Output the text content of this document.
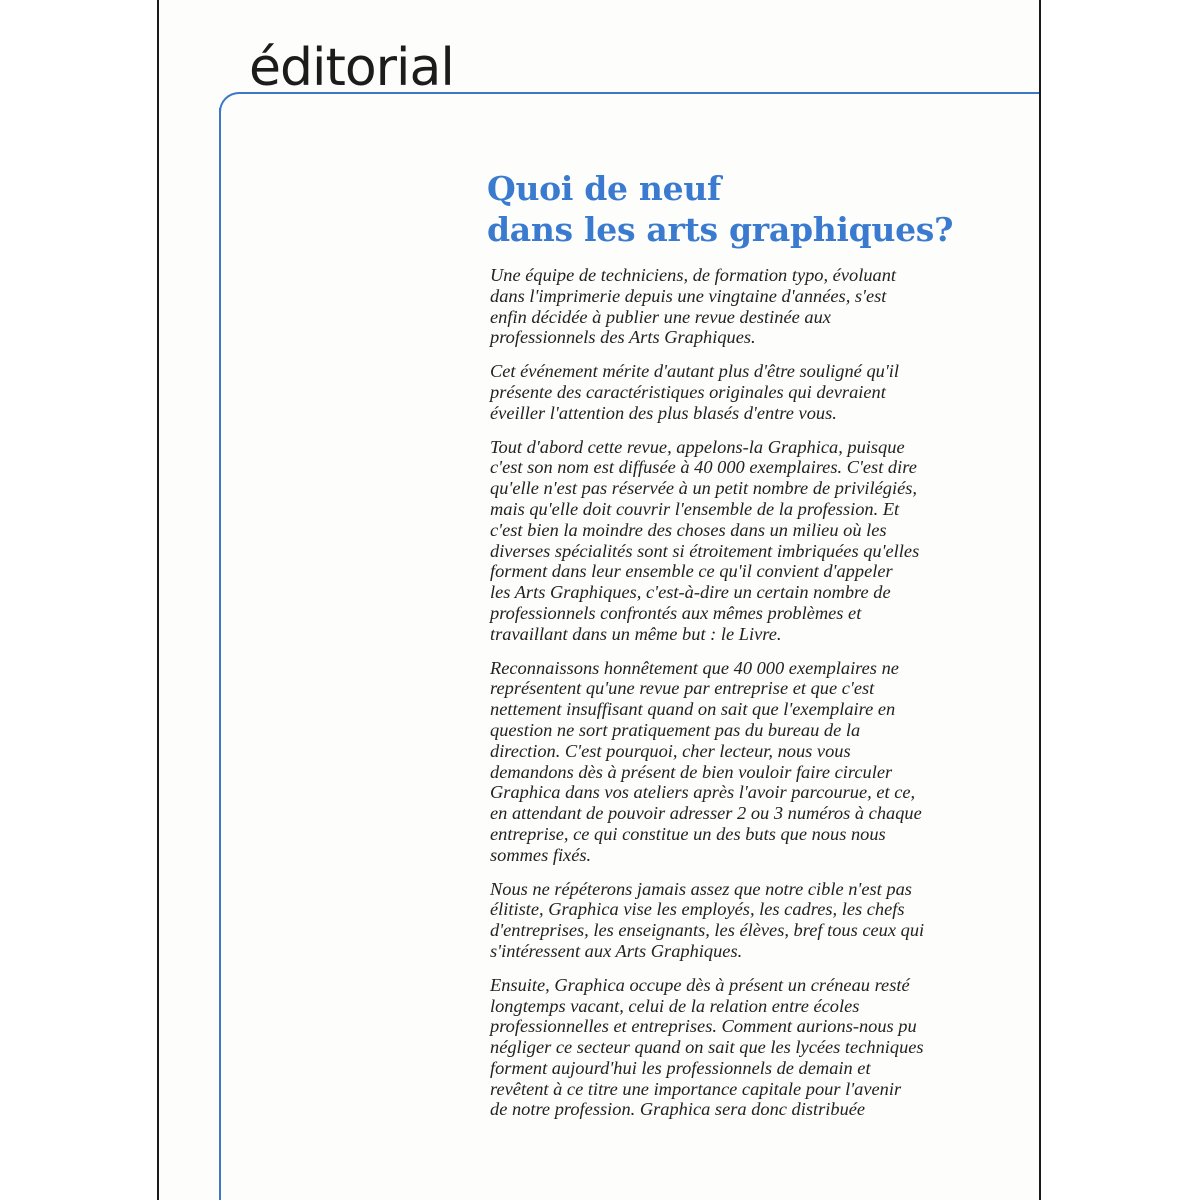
éditorial
Quoi de neuf
dans les arts graphiques?

Une équipe de techniciens, de formation typo, évoluant
dans l'imprimerie depuis une vingtaine d'années, s'est
enfin décidée à publier une revue destinée aux
professionnels des Arts Graphiques.

Cet événement mérite d'autant plus d'être souligné qu'il
présente des caractéristiques originales qui devraient
éveiller l'attention des plus blasés d'entre vous.

Tout d'abord cette revue, appelons-la Graphica, puisque
c'est son nom est diffusée à 40 000 exemplaires. C'est dire
qu'elle n'est pas réservée à un petit nombre de privilégiés,
mais qu'elle doit couvrir l'ensemble de la profession. Et
c'est bien la moindre des choses dans un milieu où les
diverses spécialités sont si étroitement imbriquées qu'elles
forment dans leur ensemble ce qu'il convient d'appeler
les Arts Graphiques, c'est-à-dire un certain nombre de
professionnels confrontés aux mêmes problèmes et
travaillant dans un même but : le Livre.

Reconnaissons honnêtement que 40 000 exemplaires ne
représentent qu'une revue par entreprise et que c'est
nettement insuffisant quand on sait que l'exemplaire en
question ne sort pratiquement pas du bureau de la
direction. C'est pourquoi, cher lecteur, nous vous
demandons dès à présent de bien vouloir faire circuler
Graphica dans vos ateliers après l'avoir parcourue, et ce,
en attendant de pouvoir adresser 2 ou 3 numéros à chaque
entreprise, ce qui constitue un des buts que nous nous
sommes fixés.

Nous ne répéterons jamais assez que notre cible n'est pas
élitiste, Graphica vise les employés, les cadres, les chefs
d'entreprises, les enseignants, les élèves, bref tous ceux qui
s'intéressent aux Arts Graphiques.

Ensuite, Graphica occupe dès à présent un créneau resté
longtemps vacant, celui de la relation entre écoles
professionnelles et entreprises. Comment aurions-nous pu
négliger ce secteur quand on sait que les lycées techniques
forment aujourd'hui les professionnels de demain et
revêtent à ce titre une importance capitale pour l'avenir
de notre profession. Graphica sera donc distribuée
